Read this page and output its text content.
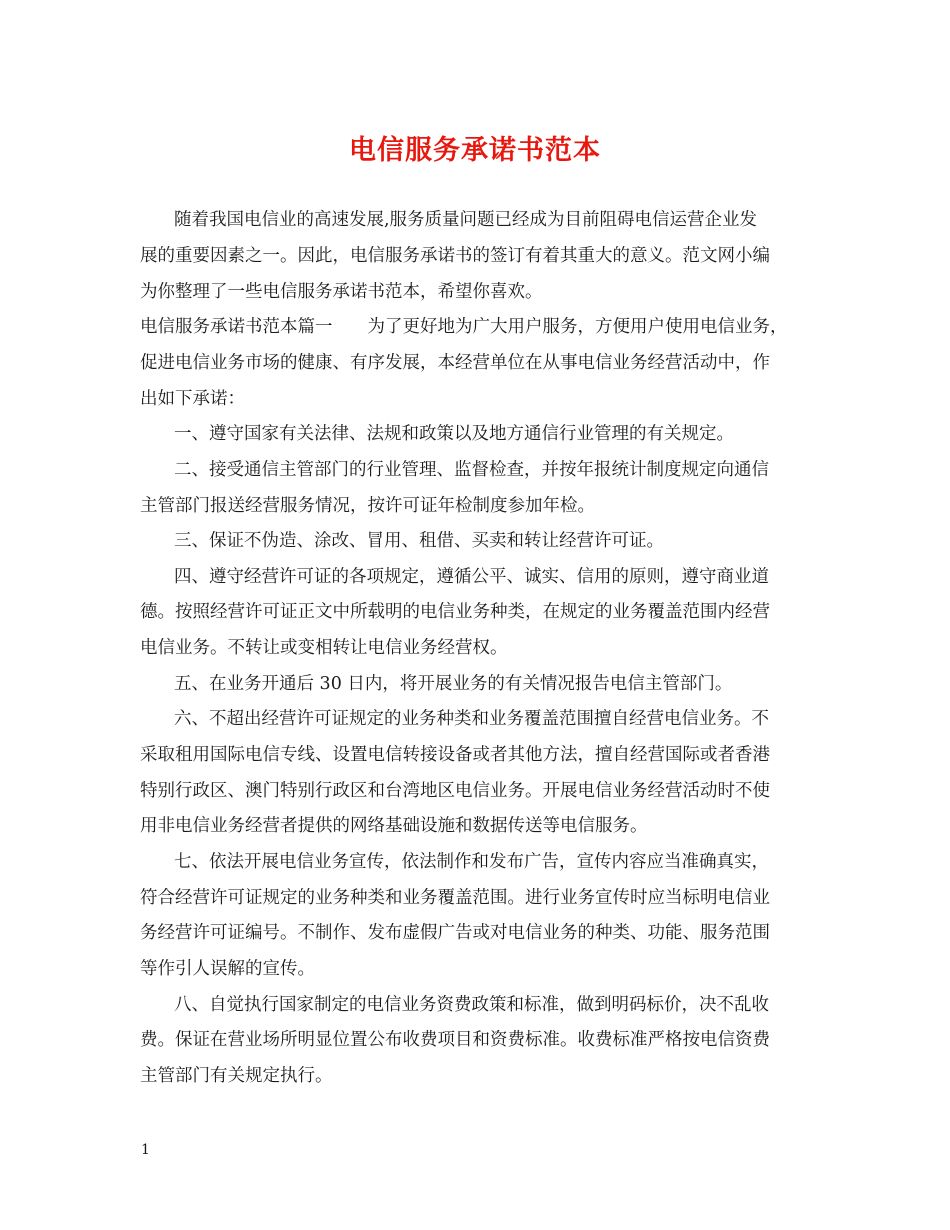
电信服务承诺书范本
随着我国电信业的高速发展,服务质量问题已经成为目前阻碍电信运营企业发
展的重要因素之一。因此，电信服务承诺书的签订有着其重大的意义。范文网小编
为你整理了一些电信服务承诺书范本，希望你喜欢。
电信服务承诺书范本篇一　　为了更好地为广大用户服务，方便用户使用电信业务，
促进电信业务市场的健康、有序发展，本经营单位在从事电信业务经营活动中，作
出如下承诺：
一、遵守国家有关法律、法规和政策以及地方通信行业管理的有关规定。
二、接受通信主管部门的行业管理、监督检查，并按年报统计制度规定向通信
主管部门报送经营服务情况，按许可证年检制度参加年检。
三、保证不伪造、涂改、冒用、租借、买卖和转让经营许可证。
四、遵守经营许可证的各项规定，遵循公平、诚实、信用的原则，遵守商业道
德。按照经营许可证正文中所载明的电信业务种类，在规定的业务覆盖范围内经营
电信业务。不转让或变相转让电信业务经营权。
五、在业务开通后 30 日内，将开展业务的有关情况报告电信主管部门。
六、不超出经营许可证规定的业务种类和业务覆盖范围擅自经营电信业务。不
采取租用国际电信专线、设置电信转接设备或者其他方法，擅自经营国际或者香港
特别行政区、澳门特别行政区和台湾地区电信业务。开展电信业务经营活动时不使
用非电信业务经营者提供的网络基础设施和数据传送等电信服务。
七、依法开展电信业务宣传，依法制作和发布广告，宣传内容应当准确真实，
符合经营许可证规定的业务种类和业务覆盖范围。进行业务宣传时应当标明电信业
务经营许可证编号。不制作、发布虚假广告或对电信业务的种类、功能、服务范围
等作引人误解的宣传。
八、自觉执行国家制定的电信业务资费政策和标准，做到明码标价，决不乱收
费。保证在营业场所明显位置公布收费项目和资费标准。收费标准严格按电信资费
主管部门有关规定执行。
1
